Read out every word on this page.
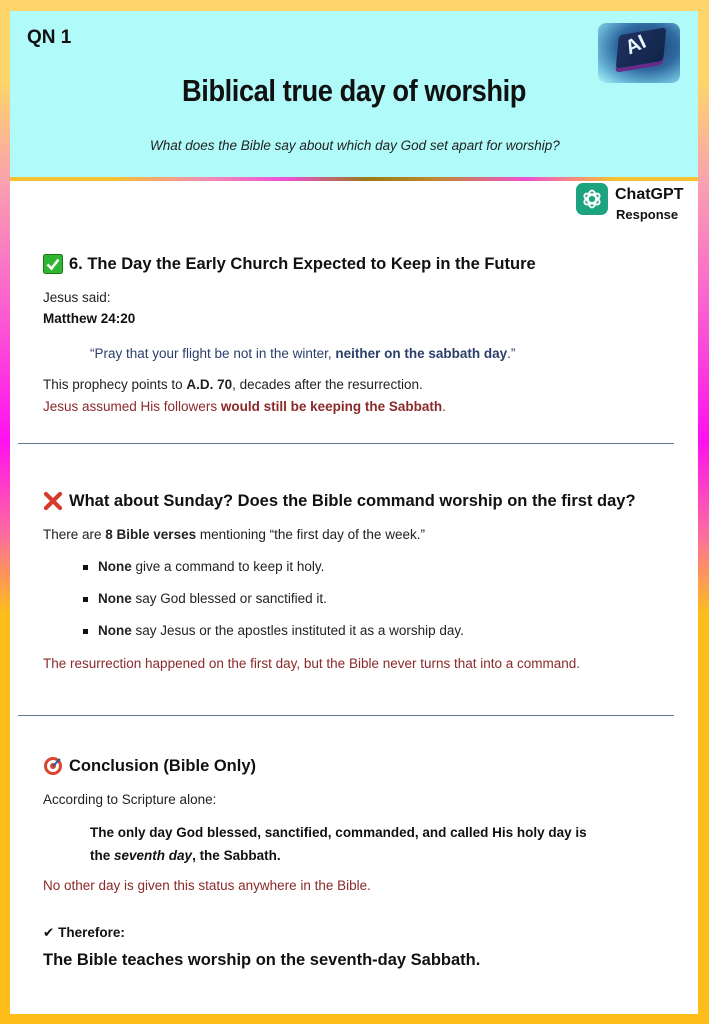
QN 1	AI
Biblical true day of worship
What does the Bible say about which day God set apart for worship?
ChatGPT
Response
6. The Day the Early Church Expected to Keep in the Future
Jesus said:
Matthew 24:20
“Pray that your flight be not in the winter, neither on the sabbath day.”
This prophecy points to A.D. 70, decades after the resurrection.
Jesus assumed His followers would still be keeping the Sabbath.
What about Sunday? Does the Bible command worship on the first day?
There are 8 Bible verses mentioning “the first day of the week.”
None give a command to keep it holy.
None say God blessed or sanctified it.
None say Jesus or the apostles instituted it as a worship day.
The resurrection happened on the first day, but the Bible never turns that into a command.
Conclusion (Bible Only)
According to Scripture alone:
The only day God blessed, sanctified, commanded, and called His holy day is
the seventh day, the Sabbath.
No other day is given this status anywhere in the Bible.
✔ Therefore:
The Bible teaches worship on the seventh-day Sabbath.
